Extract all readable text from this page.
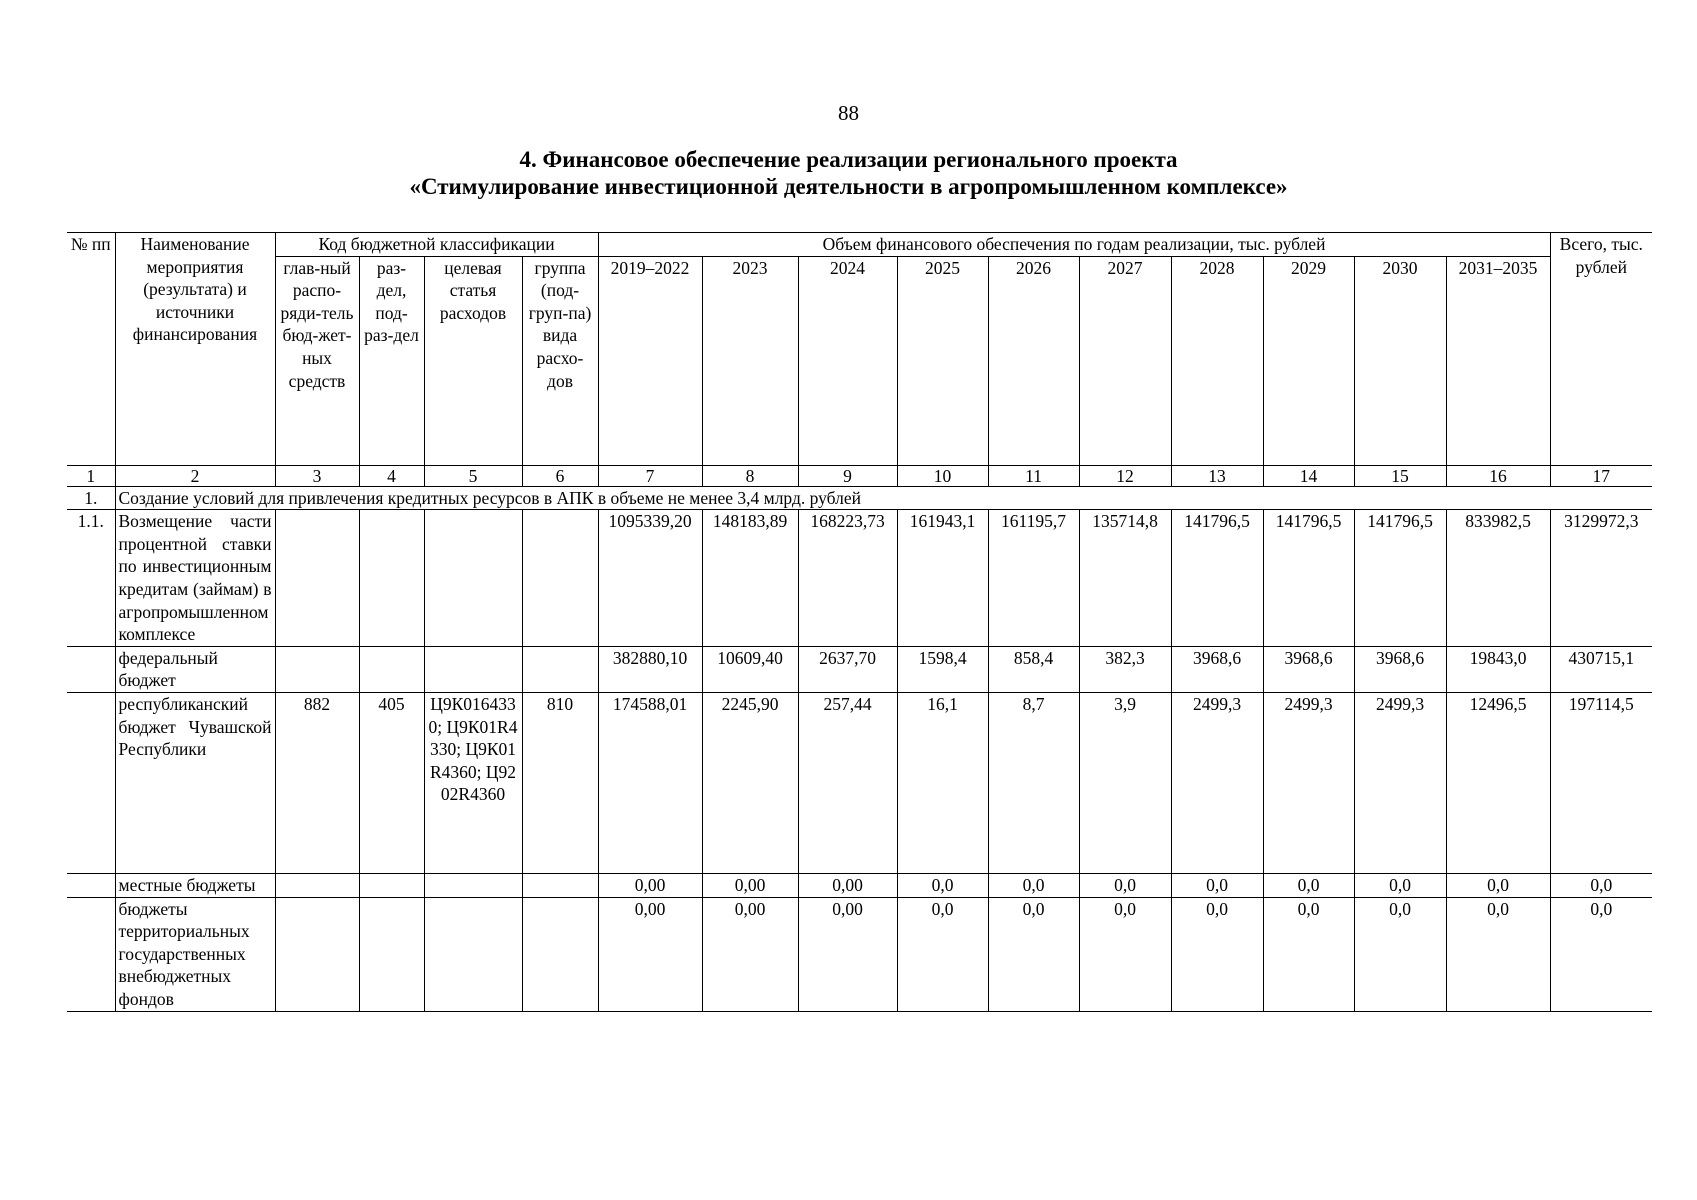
88
4. Финансовое обеспечение реализации регионального проекта
«Стимулирование инвестиционной деятельности в агропромышленном комплексе»
№ пп	Наименование мероприятия (результата) и источники финансирования	Код бюджетной классификации				Объем финансового обеспечения по годам реализации, тыс. рублей										Всего, тыс. рублей
		глав-ный распо-ряди-тель бюд-жет-ных средств	раз-дел, под-раз-дел	целевая статья расходов	группа (под-груп-па) вида расхо-дов	2019–2022	2023	2024	2025	2026	2027	2028	2029	2030	2031–2035	
1	2	3	4	5	6	7	8	9	10	11	12	13	14	15	16	17
1.	Создание условий для привлечения кредитных ресурсов в АПК в объеме не менее 3,4 млрд. рублей															
1.1.	Возмещение части процентной ставки по инвестиционным кредитам (займам) в агропромышленном комплексе					1095339,20	148183,89	168223,73	161943,1	161195,7	135714,8	141796,5	141796,5	141796,5	833982,5	3129972,3
	федеральный бюджет					382880,10	10609,40	2637,70	1598,4	858,4	382,3	3968,6	3968,6	3968,6	19843,0	430715,1
	республиканский бюджет Чувашской Республики	882	405	Ц9К0164330; Ц9К01R4330; Ц9К01R4360; Ц9202R4360	810	174588,01	2245,90	257,44	16,1	8,7	3,9	2499,3	2499,3	2499,3	12496,5	197114,5
	местные бюджеты					0,00	0,00	0,00	0,0	0,0	0,0	0,0	0,0	0,0	0,0	0,0
	бюджеты территориальных государственных внебюджетных фондов					0,00	0,00	0,00	0,0	0,0	0,0	0,0	0,0	0,0	0,0	0,0
